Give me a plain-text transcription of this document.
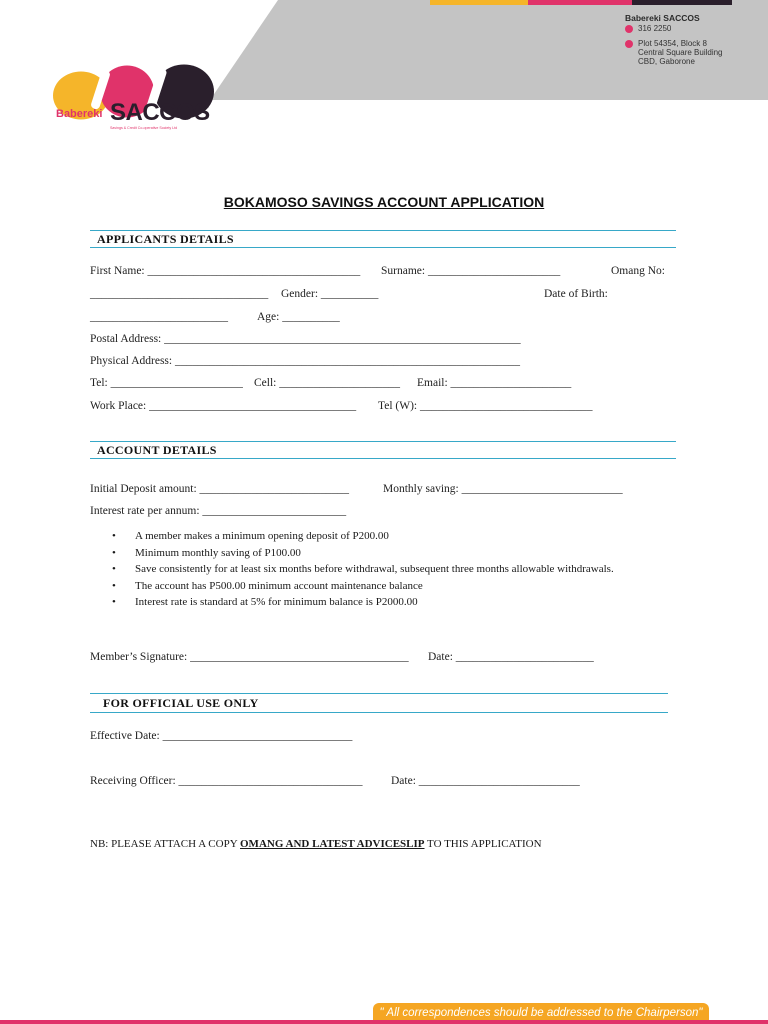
Babereki SACCOS
316 2250
Plot 54354, Block 8
Central Square Building
CBD, Gaborone
Babereki SACCOS
Savings & Credit Co-operative Society Ltd
BOKAMOSO SAVINGS ACCOUNT APPLICATION
APPLICANTS DETAILS
First Name: _____________________________________ Surname: _______________________	Omang No:
_______________________________ Gender: __________	Date of Birth:
________________________	Age: __________
Postal Address: ______________________________________________________________
Physical Address: ____________________________________________________________
Tel: _______________________ Cell: _____________________ Email: _____________________
Work Place: ____________________________________ Tel (W): ______________________________
ACCOUNT DETAILS
Initial Deposit amount: __________________________	Monthly saving: ____________________________
Interest rate per annum: _________________________
• A member makes a minimum opening deposit of P200.00
• Minimum monthly saving of P100.00
• Save consistently for at least six months before withdrawal, subsequent three months allowable withdrawals.
• The account has P500.00 minimum account maintenance balance
• Interest rate is standard at 5% for minimum balance is P2000.00
Member’s Signature: ______________________________________ Date: ________________________
FOR OFFICIAL USE ONLY
Effective Date: _________________________________
Receiving Officer: ________________________________ Date: ____________________________
NB: PLEASE ATTACH A COPY OMANG AND LATEST ADVICESLIP TO THIS APPLICATION
" All correspondences should be addressed to the Chairperson"
